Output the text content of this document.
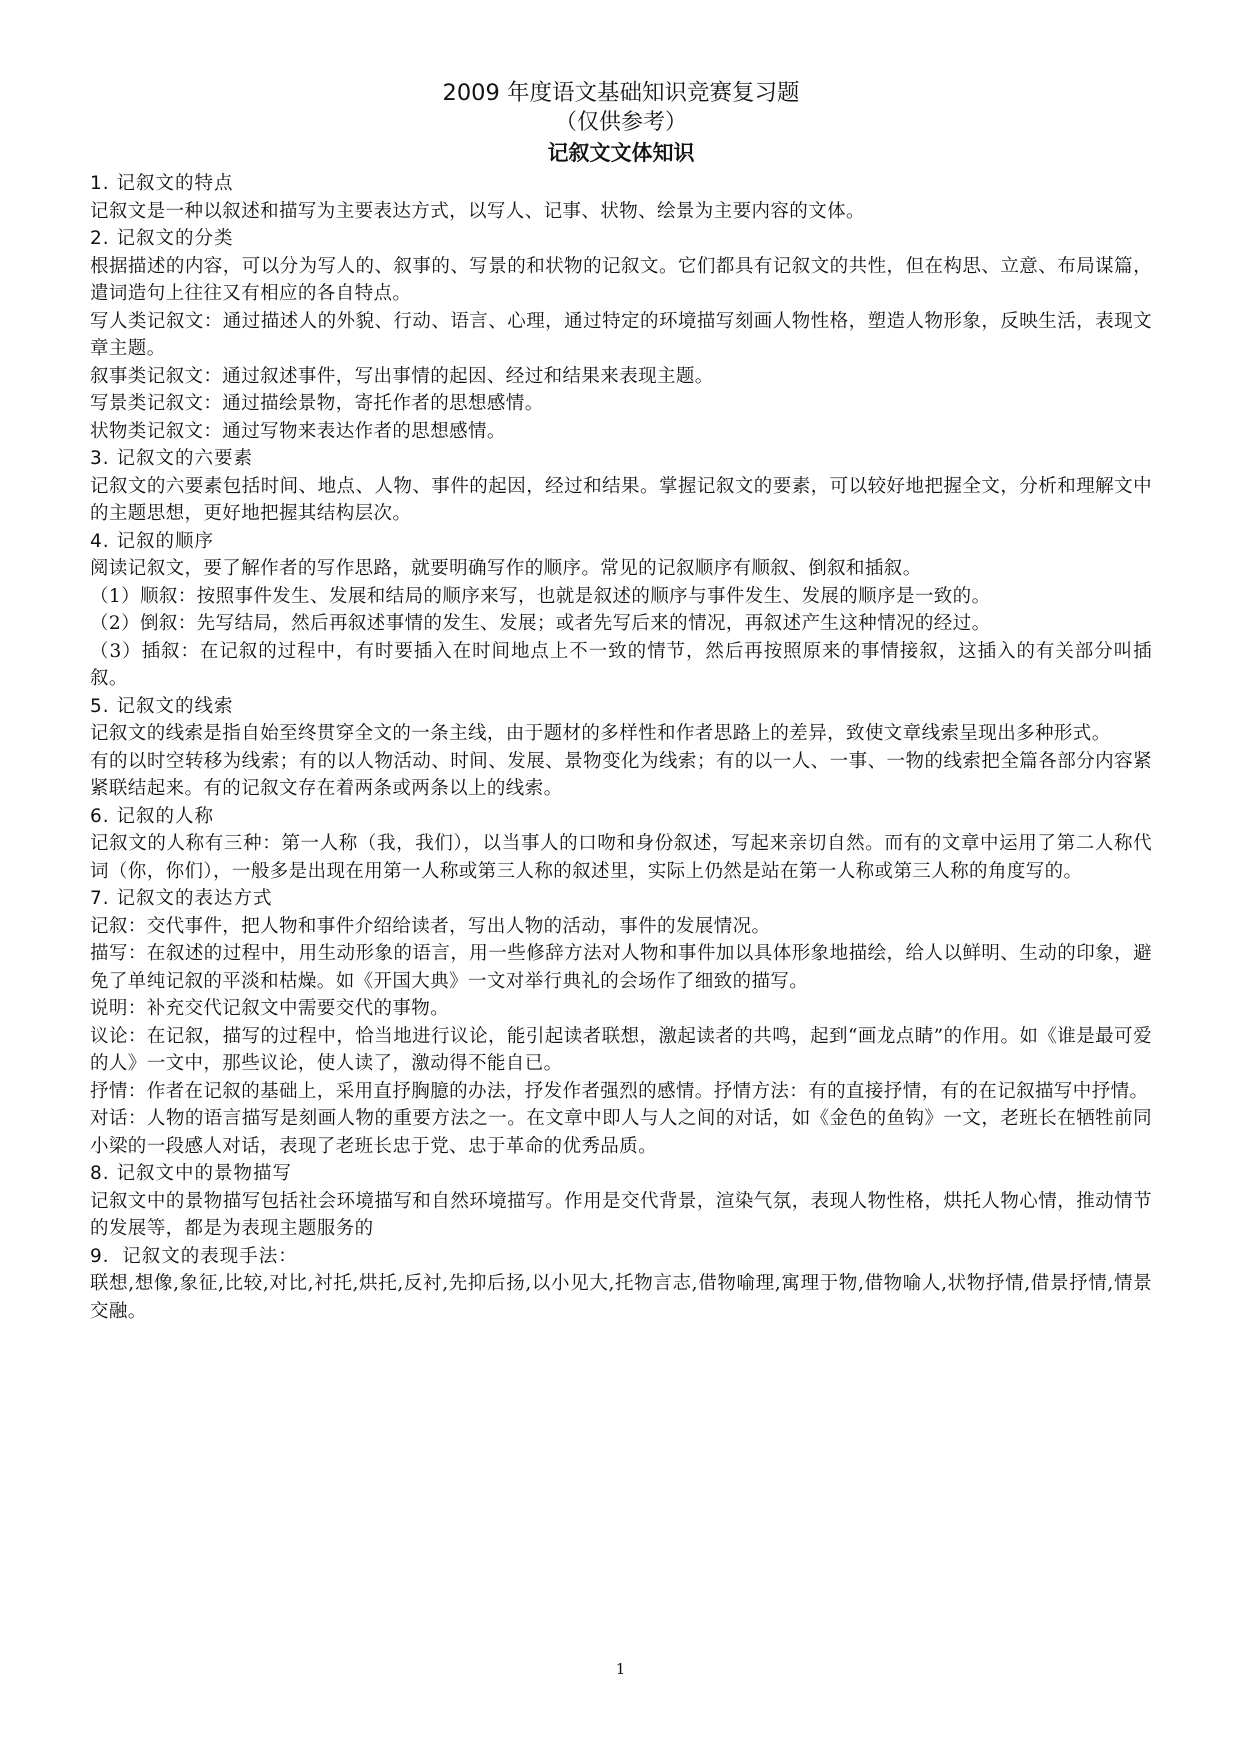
2009 年度语文基础知识竞赛复习题
（仅供参考）
记叙文文体知识
1. 记叙文的特点
记叙文是一种以叙述和描写为主要表达方式，以写人、记事、状物、绘景为主要内容的文体。
2. 记叙文的分类
根据描述的内容，可以分为写人的、叙事的、写景的和状物的记叙文。它们都具有记叙文的共性，但在构思、立意、布局谋篇，遣词造句上往往又有相应的各自特点。
写人类记叙文：通过描述人的外貌、行动、语言、心理，通过特定的环境描写刻画人物性格，塑造人物形象，反映生活，表现文章主题。
叙事类记叙文：通过叙述事件，写出事情的起因、经过和结果来表现主题。
写景类记叙文：通过描绘景物，寄托作者的思想感情。
状物类记叙文：通过写物来表达作者的思想感情。
3. 记叙文的六要素
记叙文的六要素包括时间、地点、人物、事件的起因，经过和结果。掌握记叙文的要素，可以较好地把握全文，分析和理解文中的主题思想，更好地把握其结构层次。
4. 记叙的顺序
阅读记叙文，要了解作者的写作思路，就要明确写作的顺序。常见的记叙顺序有顺叙、倒叙和插叙。
（1）顺叙：按照事件发生、发展和结局的顺序来写，也就是叙述的顺序与事件发生、发展的顺序是一致的。
（2）倒叙：先写结局，然后再叙述事情的发生、发展；或者先写后来的情况，再叙述产生这种情况的经过。
（3）插叙：在记叙的过程中，有时要插入在时间地点上不一致的情节，然后再按照原来的事情接叙，这插入的有关部分叫插叙。
5. 记叙文的线索
记叙文的线索是指自始至终贯穿全文的一条主线，由于题材的多样性和作者思路上的差异，致使文章线索呈现出多种形式。
有的以时空转移为线索；有的以人物活动、时间、发展、景物变化为线索；有的以一人、一事、一物的线索把全篇各部分内容紧紧联结起来。有的记叙文存在着两条或两条以上的线索。
6. 记叙的人称
记叙文的人称有三种：第一人称（我，我们），以当事人的口吻和身份叙述，写起来亲切自然。而有的文章中运用了第二人称代词（你，你们），一般多是出现在用第一人称或第三人称的叙述里，实际上仍然是站在第一人称或第三人称的角度写的。
7. 记叙文的表达方式
记叙：交代事件，把人物和事件介绍给读者，写出人物的活动，事件的发展情况。
描写：在叙述的过程中，用生动形象的语言，用一些修辞方法对人物和事件加以具体形象地描绘，给人以鲜明、生动的印象，避免了单纯记叙的平淡和枯燥。如《开国大典》一文对举行典礼的会场作了细致的描写。
说明：补充交代记叙文中需要交代的事物。
议论：在记叙，描写的过程中，恰当地进行议论，能引起读者联想，激起读者的共鸣，起到“画龙点睛”的作用。如《谁是最可爱的人》一文中，那些议论，使人读了，激动得不能自已。
抒情：作者在记叙的基础上，采用直抒胸臆的办法，抒发作者强烈的感情。抒情方法：有的直接抒情，有的在记叙描写中抒情。
对话：人物的语言描写是刻画人物的重要方法之一。在文章中即人与人之间的对话，如《金色的鱼钩》一文，老班长在牺牲前同小梁的一段感人对话，表现了老班长忠于党、忠于革命的优秀品质。
8. 记叙文中的景物描写
记叙文中的景物描写包括社会环境描写和自然环境描写。作用是交代背景，渲染气氛，表现人物性格，烘托人物心情，推动情节的发展等，都是为表现主题服务的
9．记叙文的表现手法：
联想,想像,象征,比较,对比,衬托,烘托,反衬,先抑后扬,以小见大,托物言志,借物喻理,寓理于物,借物喻人,状物抒情,借景抒情,情景交融。
1
